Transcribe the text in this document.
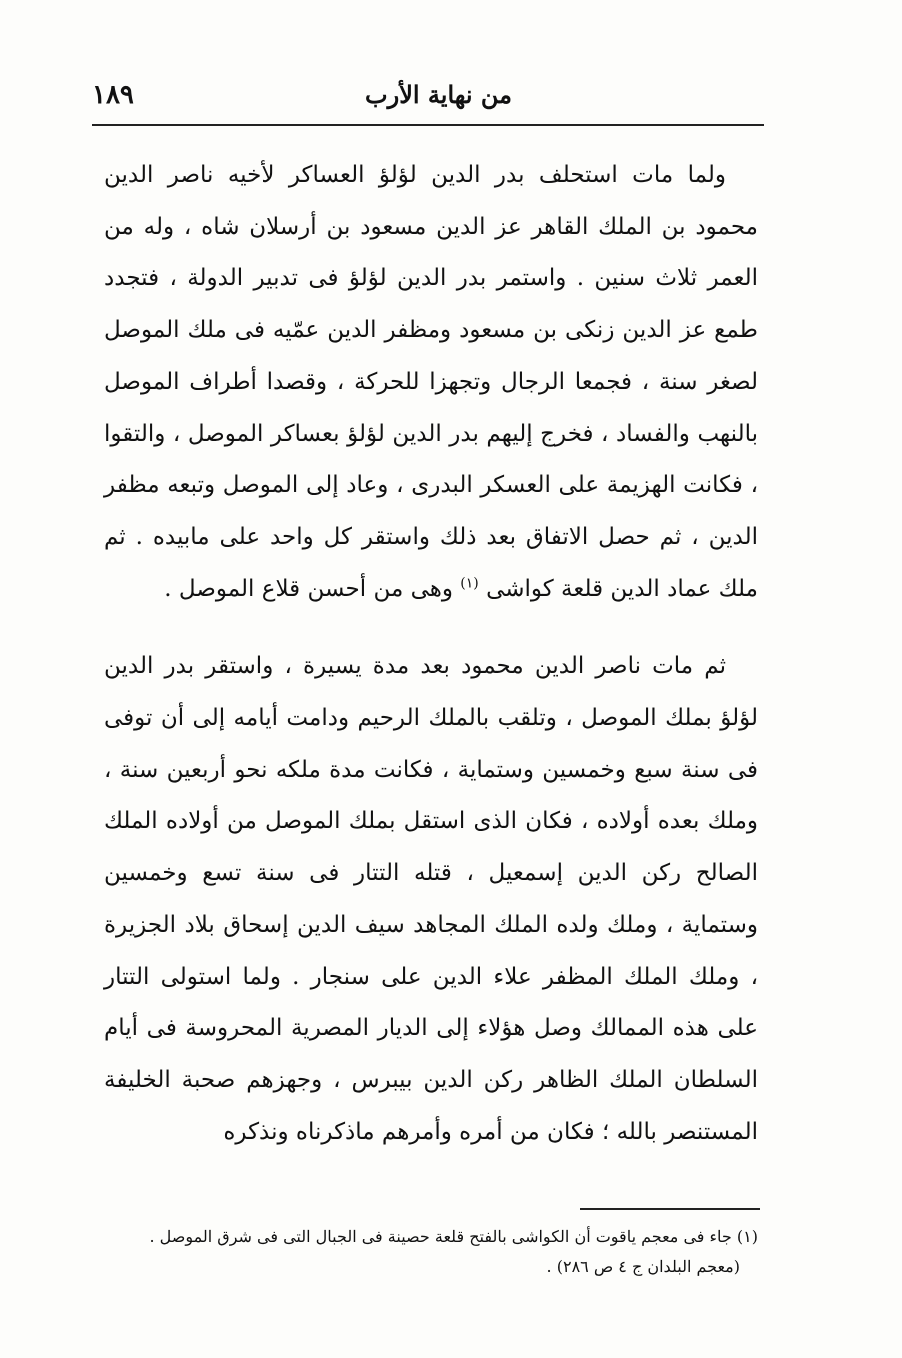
من نهاية الأرب
١٨٩

ولما مات استحلف بدر الدين لؤلؤ العساكر لأخيه ناصر الدين محمود بن الملك القاهر عز الدين مسعود بن أرسلان شاه ، وله من العمر ثلاث سنين . واستمر بدر الدين لؤلؤ فى تدبير الدولة ، فتجدد طمع عز الدين زنكى بن مسعود ومظفر الدين عمّيه فى ملك الموصل لصغر سنة ، فجمعا الرجال وتجهزا للحركة ، وقصدا أطراف الموصل بالنهب والفساد ، فخرج إليهم بدر الدين لؤلؤ بعساكر الموصل ، والتقوا ، فكانت الهزيمة على العسكر البدرى ، وعاد إلى الموصل وتبعه مظفر الدين ، ثم حصل الاتفاق بعد ذلك واستقر كل واحد على مابيده . ثم ملك عماد الدين قلعة كواشى $^{(١)}$ وهى من أحسن قلاع الموصل .

ثم مات ناصر الدين محمود بعد مدة يسيرة ، واستقر بدر الدين لؤلؤ بملك الموصل ، وتلقب بالملك الرحيم ودامت أيامه إلى أن توفى فى سنة سبع وخمسين وستماية ، فكانت مدة ملكه نحو أربعين سنة ، وملك بعده أولاده ، فكان الذى استقل بملك الموصل من أولاده الملك الصالح ركن الدين إسمعيل ، قتله التتار فى سنة تسع وخمسين وستماية ، وملك ولده الملك المجاهد سيف الدين إسحاق بلاد الجزيرة ، وملك الملك المظفر علاء الدين على سنجار . ولما استولى التتار على هذه الممالك وصل هؤلاء إلى الديار المصرية المحروسة فى أيام السلطان الملك الظاهر ركن الدين بيبرس ، وجهزهم صحبة الخليفة المستنصر بالله ؛ فكان من أمره وأمرهم ماذكرناه ونذكره

(١) جاء فى معجم ياقوت أن الكواشى بالفتح قلعة حصينة فى الجبال التى فى شرق الموصل .

(معجم البلدان ج ٤ ص ٢٨٦) .
